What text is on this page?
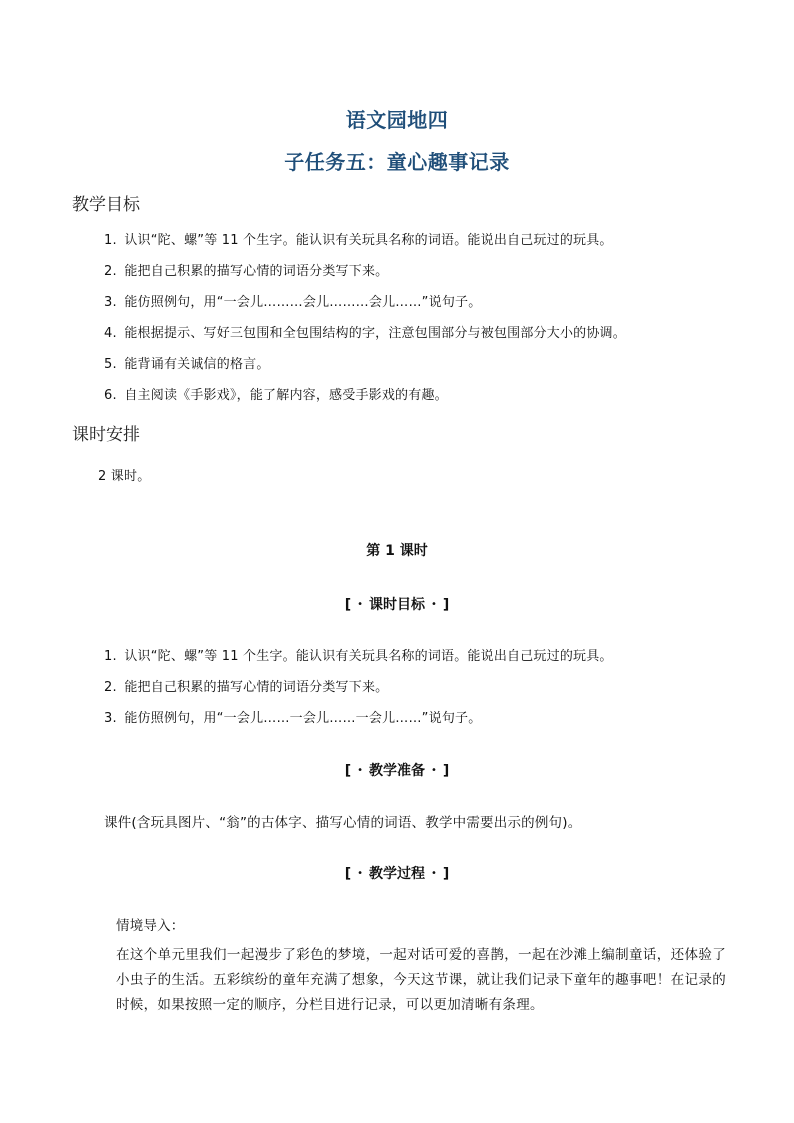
语文园地四
子任务五：童心趣事记录
教学目标
1. 认识“陀、螺”等 11 个生字。能认识有关玩具名称的词语。能说出自己玩过的玩具。
2. 能把自己积累的描写心情的词语分类写下来。
3. 能仿照例句，用“一会儿………会儿………会儿……”说句子。
4. 能根据提示、写好三包围和全包围结构的字，注意包围部分与被包围部分大小的协调。
5. 能背诵有关诚信的格言。
6. 自主阅读《手影戏》，能了解内容，感受手影戏的有趣。
课时安排
2 课时。
第 1 课时
[ • 课时目标 • ]
1. 认识“陀、螺”等 11 个生字。能认识有关玩具名称的词语。能说出自己玩过的玩具。
2. 能把自己积累的描写心情的词语分类写下来。
3. 能仿照例句，用“一会儿……一会儿……一会儿……”说句子。
[ • 教学准备 • ]
课件(含玩具图片、“翁”的古体字、描写心情的词语、教学中需要出示的例句)。
[ • 教学过程 • ]
情境导入：
在这个单元里我们一起漫步了彩色的梦境，一起对话可爱的喜鹊，一起在沙滩上编制童话，还体验了小虫子的生活。五彩缤纷的童年充满了想象，今天这节课，就让我们记录下童年的趣事吧！在记录的时候，如果按照一定的顺序，分栏目进行记录，可以更加清晰有条理。
